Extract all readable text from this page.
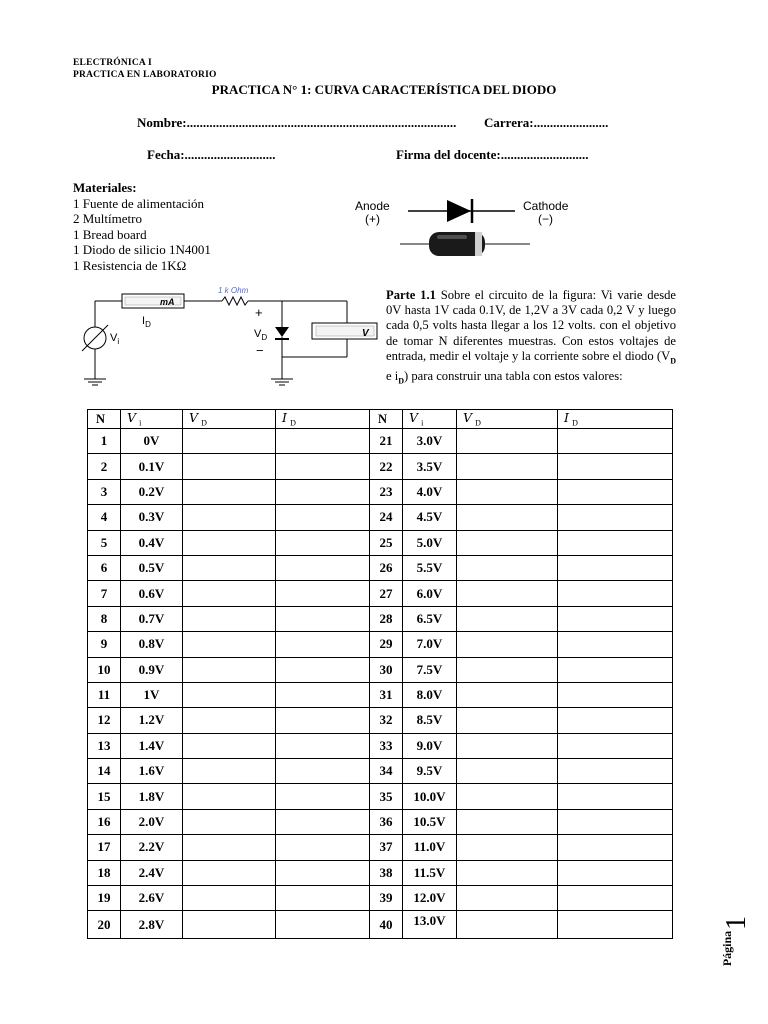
ELECTRÓNICA I
PRACTICA EN LABORATORIO
PRACTICA N° 1: CURVA CARACTERÍSTICA DEL DIODO
Nombre:................................................................................... Carrera:.......................
Fecha:............................	Firma del docente:...........................
Materiales:
1 Fuente de alimentación
2 Multímetro
1 Bread board
1 Diodo de silicio 1N4001
1 Resistencia de 1KΩ
Anode
(+)
Cathode
(−)
mA
1 k Ohm
$I_D$
$V_i$
+
$V_D$
−
V
Parte 1.1 Sobre el circuito de la figura: Vi varie desde 0V hasta 1V cada 0.1V, de 1,2V a 3V cada 0,2 V y luego cada 0,5 volts hasta llegar a los 12 volts. con el objetivo de tomar N diferentes muestras. Con estos voltajes de entrada, medir el voltaje y la corriente sobre el diodo ($V_D$ e $i_D$) para construir una tabla con estos valores:
N	V $_i$	V $_D$	I $_D$	N	V $_i$	V $_D$	I $_D$
1	0V			21	3.0V		
2	0.1V			22	3.5V		
3	0.2V			23	4.0V		
4	0.3V			24	4.5V		
5	0.4V			25	5.0V		
6	0.5V			26	5.5V		
7	0.6V			27	6.0V		
8	0.7V			28	6.5V		
9	0.8V			29	7.0V		
10	0.9V			30	7.5V		
11	1V			31	8.0V		
12	1.2V			32	8.5V		
13	1.4V			33	9.0V		
14	1.6V			34	9.5V		
15	1.8V			35	10.0V		
16	2.0V			36	10.5V		
17	2.2V			37	11.0V		
18	2.4V			38	11.5V		
19	2.6V			39	12.0V		
20	2.8V			40	13.0V		
Página
1
